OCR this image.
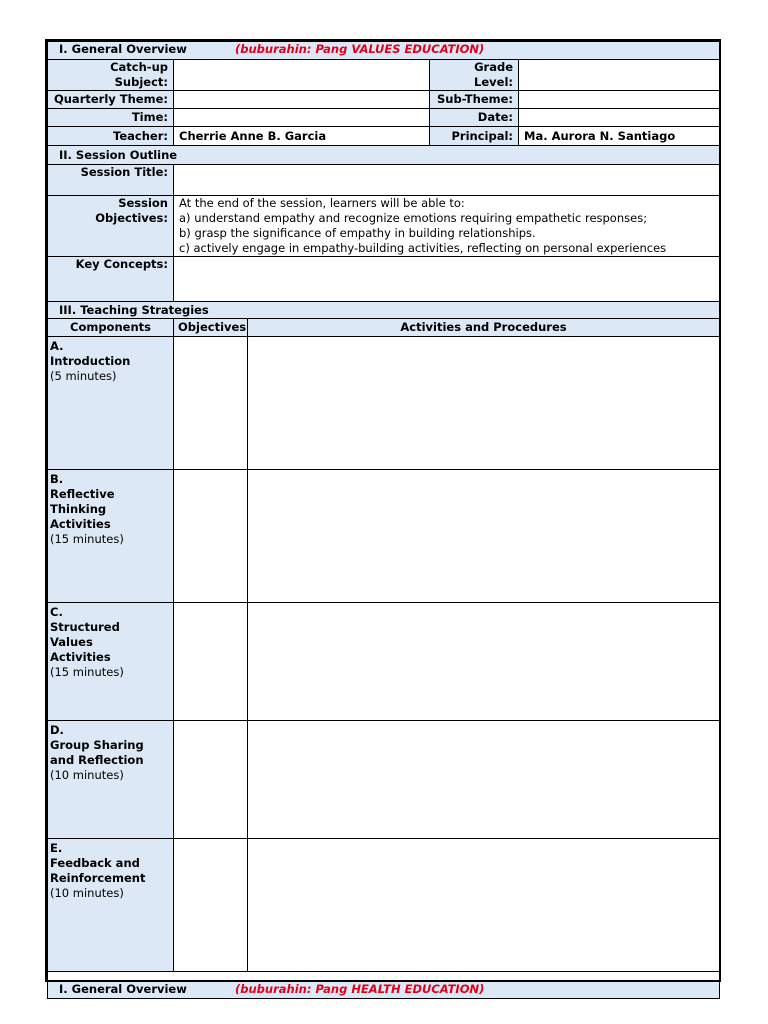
I. General Overview (buburahin: Pang VALUES EDUCATION)				
Catch-up Subject:			Grade Level:	
Quarterly Theme:			Sub-Theme:	
Time:			Date:	
Teacher:	Cherrie Anne B. Garcia		Principal:	Ma. Aurora N. Santiago
II. Session Outline				
Session Title:				
Session Objectives:	At the end of the session, learners will be able to:
a) understand empathy and recognize emotions requiring empathetic responses;
b) grasp the significance of empathy in building relationships.
c) actively engage in empathy-building activities, reflecting on personal experiences			

Key Concepts:				
III. Teaching Strategies				
Components	Objectives	Activities and Procedures		
A.
Introduction
(5 minutes)				

B.
Reflective
Thinking
Activities
(15 minutes)				

C.
Structured Values
Activities
(15 minutes)				

D.
Group Sharing
and Reflection
(10 minutes)				

E.
Feedback and
Reinforcement
(10 minutes)				

I. General Overview (buburahin: Pang HEALTH EDUCATION)				
